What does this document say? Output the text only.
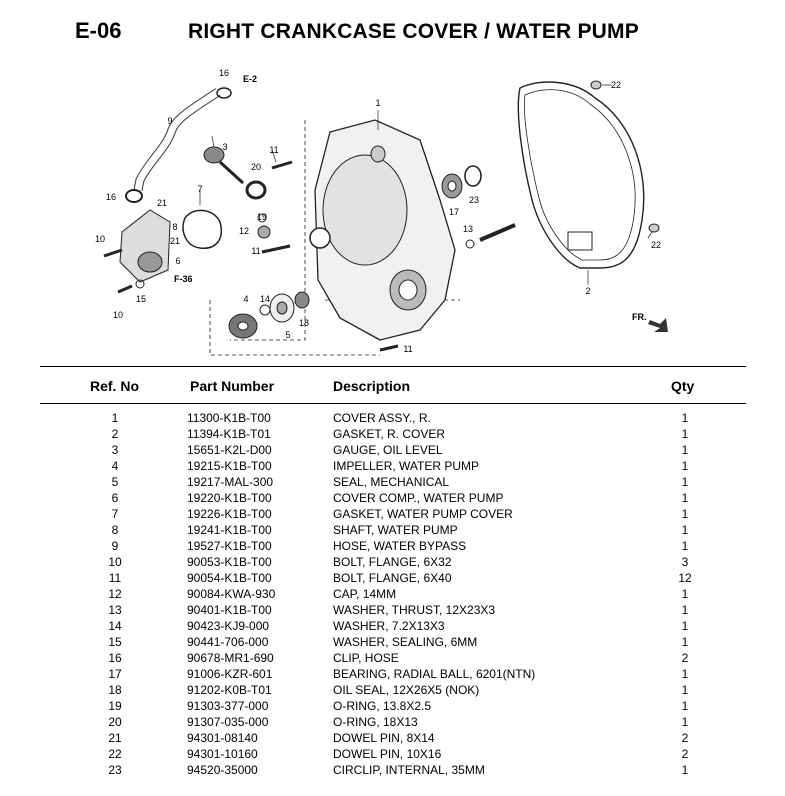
E-06	RIGHT CRANKCASE COVER / WATER PUMP
16
3
9
16
7
21
21
8
10
6
15
10
11
20
19
12
11
4 14
5
18
1
11
17
23
13
22
22
2
E-2
F-36
FR.
Ref. No	Part Number	Description	Qty
1	11300-K1B-T00	COVER ASSY., R.	1
2	11394-K1B-T01	GASKET, R. COVER	1
3	15651-K2L-D00	GAUGE, OIL LEVEL	1
4	19215-K1B-T00	IMPELLER, WATER PUMP	1
5	19217-MAL-300	SEAL, MECHANICAL	1
6	19220-K1B-T00	COVER COMP., WATER PUMP	1
7	19226-K1B-T00	GASKET, WATER PUMP COVER	1
8	19241-K1B-T00	SHAFT, WATER PUMP	1
9	19527-K1B-T00	HOSE, WATER BYPASS	1
10	90053-K1B-T00	BOLT, FLANGE, 6X32	3
11	90054-K1B-T00	BOLT, FLANGE, 6X40	12
12	90084-KWA-930	CAP, 14MM	1
13	90401-K1B-T00	WASHER, THRUST, 12X23X3	1
14	90423-KJ9-000	WASHER, 7.2X13X3	1
15	90441-706-000	WASHER, SEALING, 6MM	1
16	90678-MR1-690	CLIP, HOSE	2
17	91006-KZR-601	BEARING, RADIAL BALL, 6201(NTN)	1
18	91202-K0B-T01	OIL SEAL, 12X26X5 (NOK)	1
19	91303-377-000	O-RING, 13.8X2.5	1
20	91307-035-000	O-RING, 18X13	1
21	94301-08140	DOWEL PIN, 8X14	2
22	94301-10160	DOWEL PIN, 10X16	2
23	94520-35000	CIRCLIP, INTERNAL, 35MM	1
